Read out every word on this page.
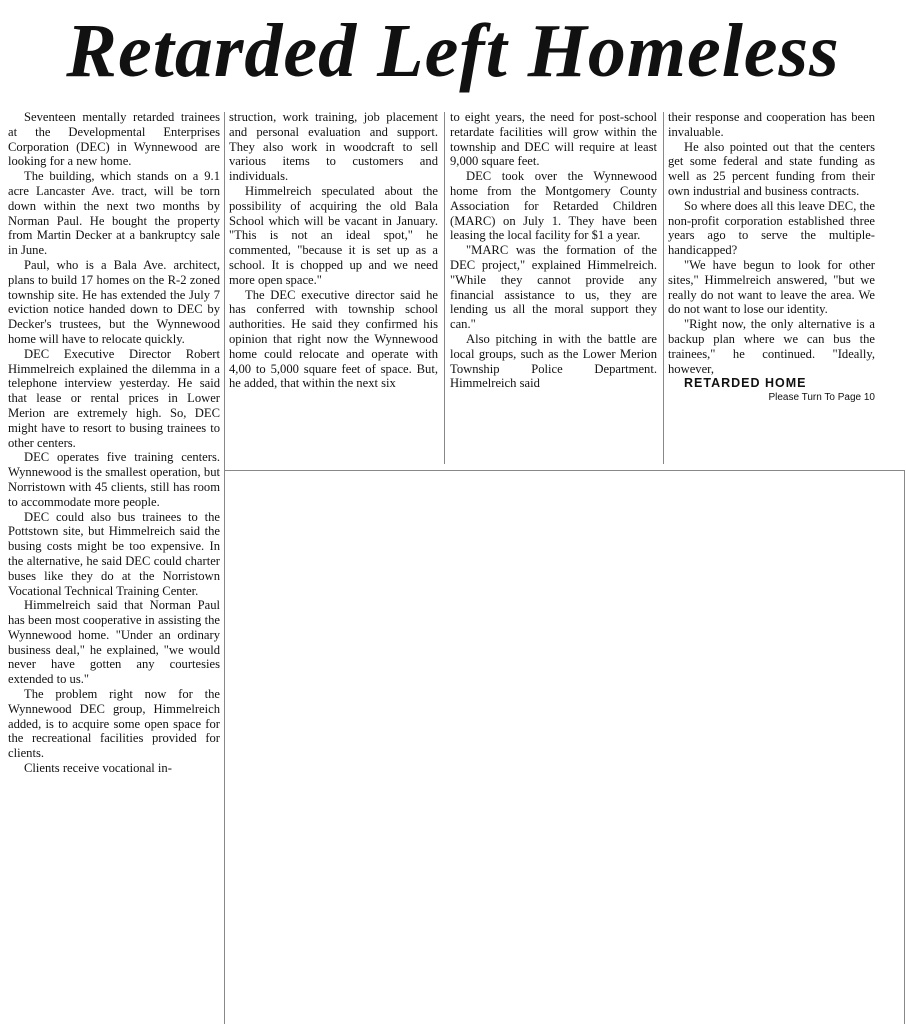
Retarded Left Homeless

Seventeen mentally retarded trainees at the Developmental Enterprises Corporation (DEC) in Wynnewood are looking for a new home.

The building, which stands on a 9.1 acre Lancaster Ave. tract, will be torn down within the next two months by Norman Paul. He bought the property from Martin Decker at a bankruptcy sale in June.

Paul, who is a Bala Ave. architect, plans to build 17 homes on the R-2 zoned township site. He has extended the July 7 eviction notice handed down to DEC by Decker's trustees, but the Wynnewood home will have to relocate quickly.

DEC Executive Director Robert Himmelreich explained the dilemma in a telephone interview yesterday. He said that lease or rental prices in Lower Merion are extremely high. So, DEC might have to resort to busing trainees to other centers.

DEC operates five training centers. Wynnewood is the smallest operation, but Norristown with 45 clients, still has room to accommodate more people.

DEC could also bus trainees to the Pottstown site, but Himmelreich said the busing costs might be too expensive. In the alternative, he said DEC could charter buses like they do at the Norristown Vocational Technical Training Center.

Himmelreich said that Norman Paul has been most cooperative in assisting the Wynnewood home. "Under an ordinary business deal," he explained, "we would never have gotten any courtesies extended to us."

The problem right now for the Wynnewood DEC group, Himmelreich added, is to acquire some open space for the recreational facilities provided for clients.

Clients receive vocational in-

struction, work training, job placement and personal evaluation and support. They also work in woodcraft to sell various items to customers and individuals.

Himmelreich speculated about the possibility of acquiring the old Bala School which will be vacant in January. "This is not an ideal spot," he commented, "because it is set up as a school. It is chopped up and we need more open space."

The DEC executive director said he has conferred with township school authorities. He said they confirmed his opinion that right now the Wynnewood home could relocate and operate with 4,00 to 5,000 square feet of space. But, he added, that within the next six

to eight years, the need for post-school retardate facilities will grow within the township and DEC will require at least 9,000 square feet.

DEC took over the Wynnewood home from the Montgomery County Association for Retarded Children (MARC) on July 1. They have been leasing the local facility for $1 a year.

"MARC was the formation of the DEC project," explained Himmelreich. "While they cannot provide any financial assistance to us, they are lending us all the moral support they can."

Also pitching in with the battle are local groups, such as the Lower Merion Township Police Department. Himmelreich said

their response and cooperation has been invaluable.

He also pointed out that the centers get some federal and state funding as well as 25 percent funding from their own industrial and business contracts.

So where does all this leave DEC, the non-profit corporation established three years ago to serve the multiple-handicapped?

"We have begun to look for other sites," Himmelreich answered, "but we really do not want to leave the area. We do not want to lose our identity.

"Right now, the only alternative is a backup plan where we can bus the trainees," he continued. "Ideally, however,

RETARDED HOME

Please Turn To Page 10
